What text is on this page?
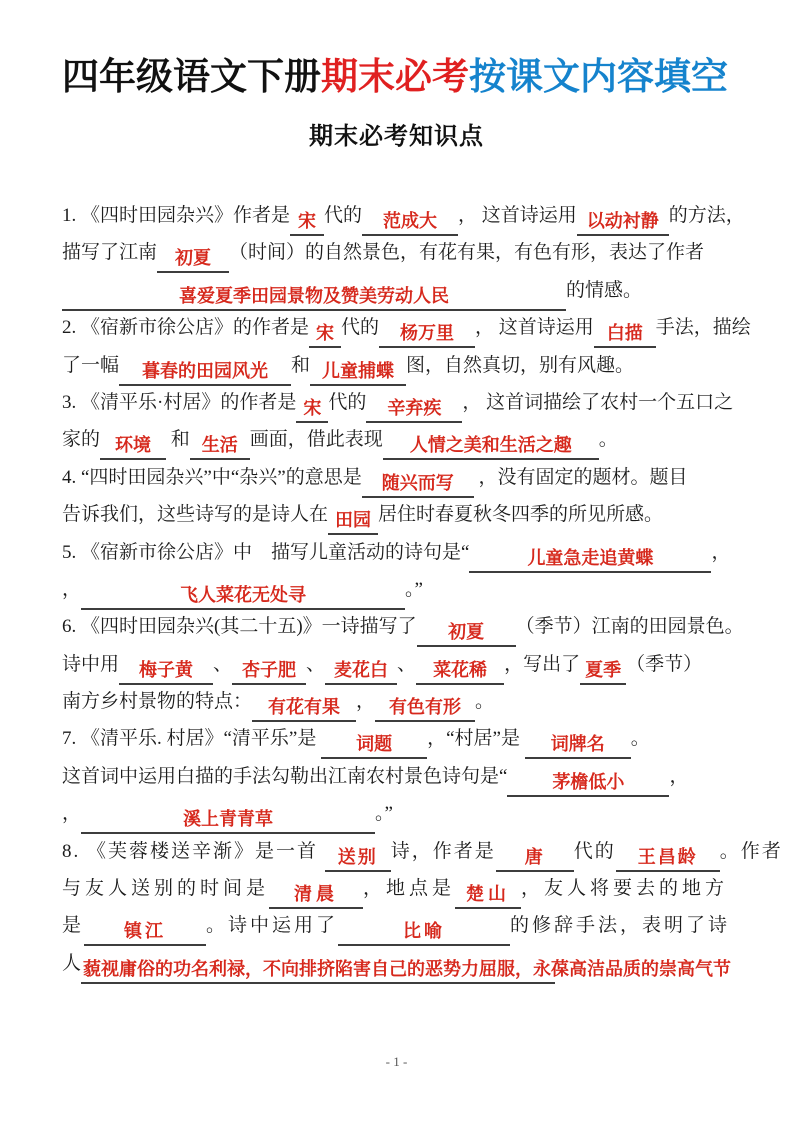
四年级语文下册期末必考按课文内容填空
期末必考知识点
1. 《四时田园杂兴》作者是 宋 代的 范成大 ， 这首诗运用 以动衬静 的方法，
描写了江南 初夏 （时间）的自然景色，有花有果，有色有形，表达了作者
喜爱夏季田园景物及赞美劳动人民	的情感。
2. 《宿新市徐公店》的作者是 宋 代的 杨万里 ， 这首诗运用 白描 手法，描绘
了一幅 暮春的田园风光 和 儿童捕蝶 图，自然真切，别有风趣。
3. 《清平乐·村居》的作者是 宋 代的 辛弃疾 ， 这首词描绘了农村一个五口之
家的 环境 和 生活 画面，借此表现 人情之美和生活之趣 。
4. “四时田园杂兴”中“杂兴”的意思是 随兴而写 ，没有固定的题材。题目
告诉我们，这些诗写的是诗人在 田园 居住时春夏秋冬四季的所见所感。
5. 《宿新市徐公店》中　描写儿童活动的诗句是“	儿童急走追黄蝶	，
，	飞人菜花无处寻	。”
6. 《四时田园杂兴(其二十五)》一诗描写了 初夏 （季节）江南的田园景色。
诗中用 梅子黄 、 杏子肥 、 麦花白 、 菜花稀 ，写出了 夏季 （季节）
南方乡村景物的特点： 有花有果 ， 有色有形 。
7. 《清平乐. 村居》“清平乐”是 词题 ，“村居”是 词牌名 。
这首词中运用白描的手法勾勒出江南农村景色诗句是“	茅檐低小 ，
，	溪上青青草	。”
8. 《芙蓉楼送辛渐》是一首 送别 诗，作者是 唐 代的 王昌龄 。作者
与友人送别的时间是 清晨 ，地点是 楚山 ，友人将要去的地方
是 镇江 。诗中运用了	比喻	的修辞手法，表明了诗
人 藐视庸俗的功名利禄，不向排挤陷害自己的恶势力屈服，永葆高洁品质的崇高气节
- 1 -
